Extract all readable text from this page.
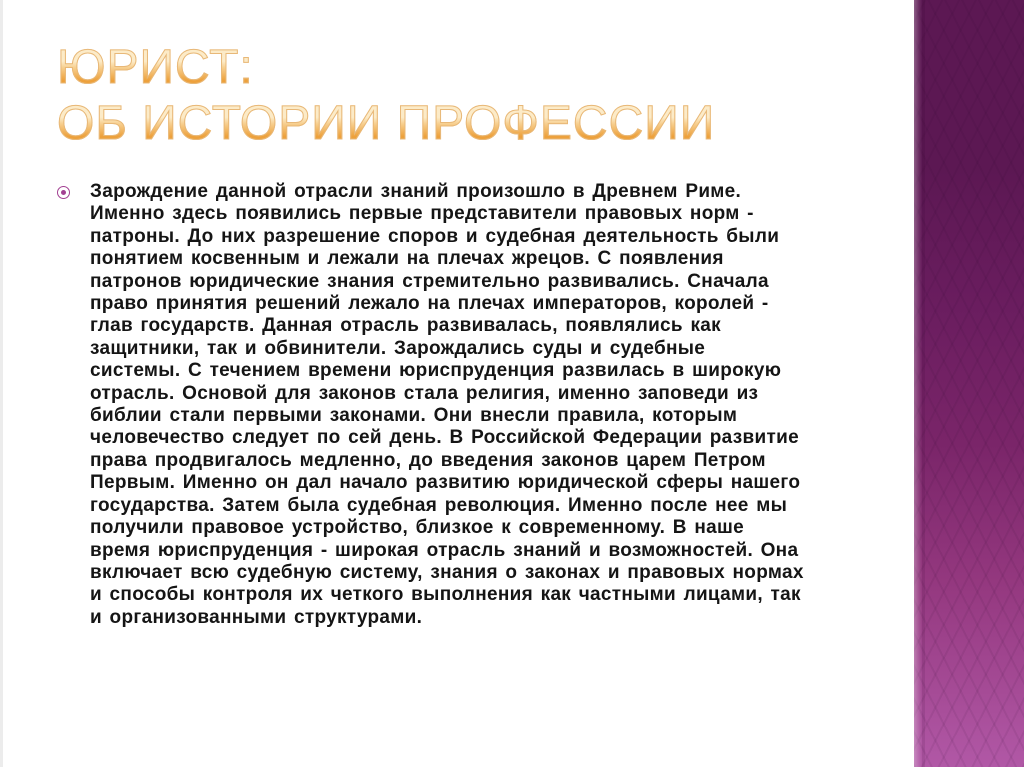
ЮРИСТ:
ОБ ИСТОРИИ ПРОФЕССИИ
Зарождение данной отрасли знаний произошло в Древнем Риме.
Именно здесь появились первые представители правовых норм -
патроны. До них разрешение споров и судебная деятельность были
понятием косвенным и лежали на плечах жрецов. С появления
патронов юридические знания стремительно развивались. Сначала
право принятия решений лежало на плечах императоров, королей -
глав государств. Данная отрасль развивалась, появлялись как
защитники, так и обвинители. Зарождались суды и судебные
системы. С течением времени юриспруденция развилась в широкую
отрасль. Основой для законов стала религия, именно заповеди из
библии стали первыми законами. Они внесли правила, которым
человечество следует по сей день. В Российской Федерации развитие
права продвигалось медленно, до введения законов царем Петром
Первым. Именно он дал начало развитию юридической сферы нашего
государства. Затем была судебная революция. Именно после нее мы
получили правовое устройство, близкое к современному. В наше
время юриспруденция - широкая отрасль знаний и возможностей. Она
включает всю судебную систему, знания о законах и правовых нормах
и способы контроля их четкого выполнения как частными лицами, так
и организованными структурами.
